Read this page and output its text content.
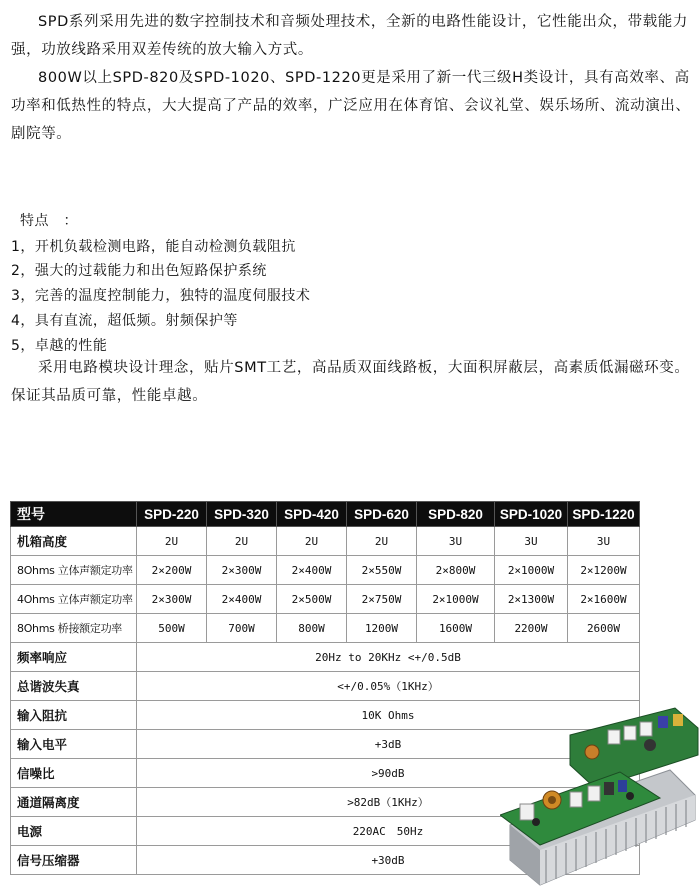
SPD系列采用先进的数字控制技术和音频处理技术，全新的电路性能设计，它性能出众，带载能力强，功放线路采用双差传统的放大输入方式。
800W以上SPD-820及SPD-1020、SPD-1220更是采用了新一代三级H类设计，具有高效率、高功率和低热性的特点，大大提高了产品的效率，广泛应用在体育馆、会议礼堂、娱乐场所、流动演出、剧院等。
特点　：
1，开机负载检测电路，能自动检测负载阻抗
2，强大的过载能力和出色短路保护系统
3，完善的温度控制能力，独特的温度伺服技术
4，具有直流，超低频。射频保护等
5，卓越的性能
采用电路模块设计理念，贴片SMT工艺，高品质双面线路板，大面积屏蔽层，高素质低漏磁环变。保证其品质可靠，性能卓越。
型号	SPD-220	SPD-320	SPD-420	SPD-620	SPD-820	SPD-1020	SPD-1220
机箱高度	2U	2U	2U	2U	3U	3U	3U
8Ohms 立体声额定功率	2×200W	2×300W	2×400W	2×550W	2×800W	2×1000W	2×1200W
4Ohms 立体声额定功率	2×300W	2×400W	2×500W	2×750W	2×1000W	2×1300W	2×1600W
8Ohms 桥接额定功率	500W	700W	800W	1200W	1600W	2200W	2600W
频率响应	20Hz to 20KHz <+/0.5dB						
总谐波失真	<+/0.05%（1KHz）						
输入阻抗	10K Ohms						
输入电平	+3dB						
信噪比	>90dB						
通道隔离度	>82dB（1KHz）						
电源	220AC　50Hz						
信号压缩器	+30dB						
